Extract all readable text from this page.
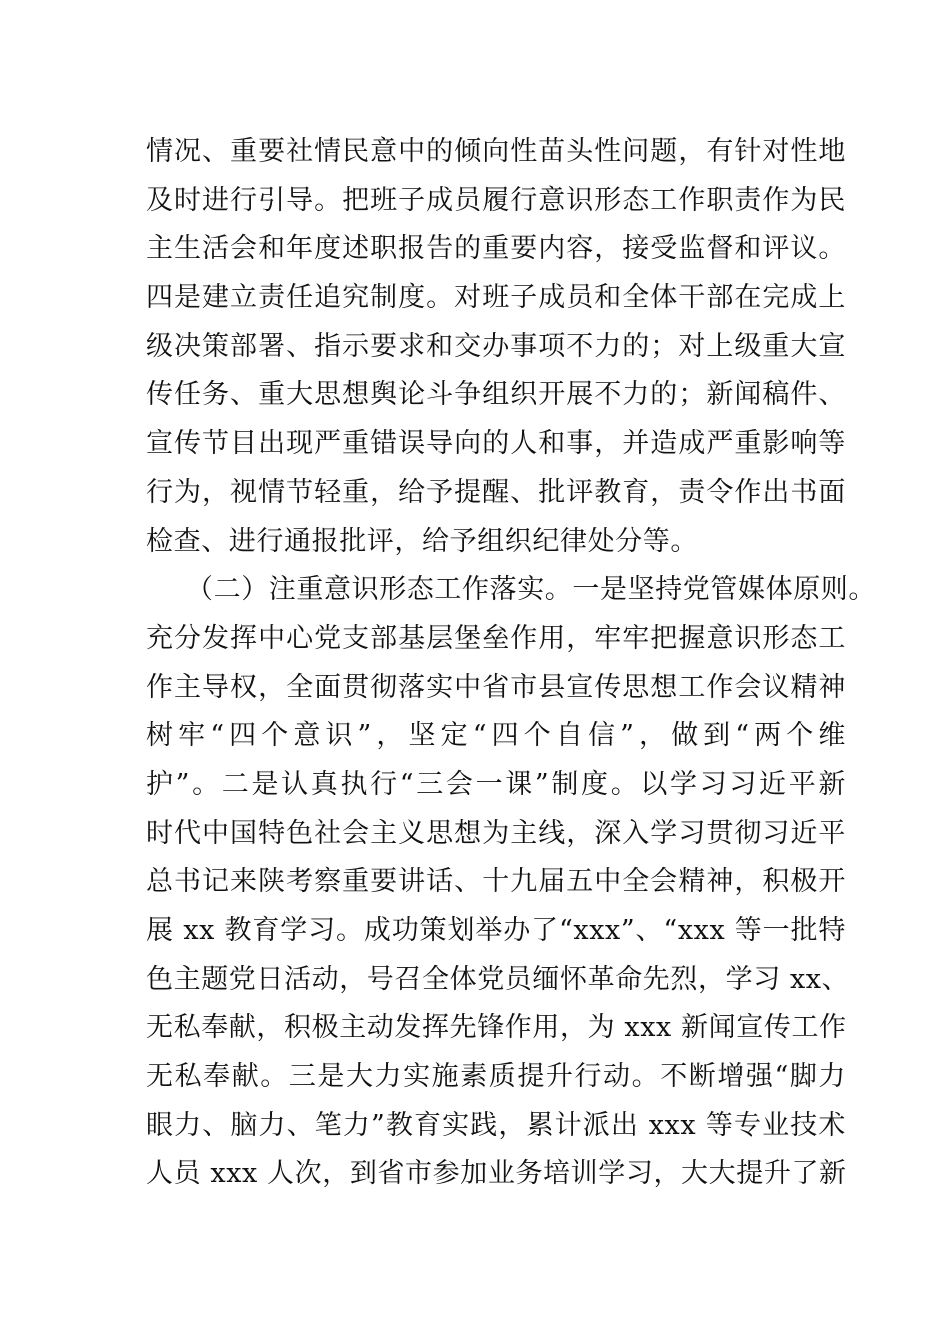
情况、重要社情民意中的倾向性苗头性问题，有针对性地
及时进行引导。把班子成员履行意识形态工作职责作为民
主生活会和年度述职报告的重要内容，接受监督和评议。
四是建立责任追究制度。对班子成员和全体干部在完成上
级决策部署、指示要求和交办事项不力的；对上级重大宣
传任务、重大思想舆论斗争组织开展不力的；新闻稿件、
宣传节目出现严重错误导向的人和事，并造成严重影响等
行为，视情节轻重，给予提醒、批评教育，责令作出书面
检查、进行通报批评，给予组织纪律处分等。
（二）注重意识形态工作落实。一是坚持党管媒体原则。
充分发挥中心党支部基层堡垒作用，牢牢把握意识形态工
作主导权，全面贯彻落实中省市县宣传思想工作会议精神
树牢“四个意识”，坚定“四个自信”，做到“两个维
护”。二是认真执行“三会一课”制度。以学习习近平新
时代中国特色社会主义思想为主线，深入学习贯彻习近平
总书记来陕考察重要讲话、十九届五中全会精神，积极开
展 xx 教育学习。成功策划举办了“xxx”、“xxx 等一批特
色主题党日活动，号召全体党员缅怀革命先烈，学习 xx、
无私奉献，积极主动发挥先锋作用，为 xxx 新闻宣传工作
无私奉献。三是大力实施素质提升行动。不断增强“脚力
眼力、脑力、笔力”教育实践，累计派出 xxx 等专业技术
人员 xxx 人次，到省市参加业务培训学习，大大提升了新
